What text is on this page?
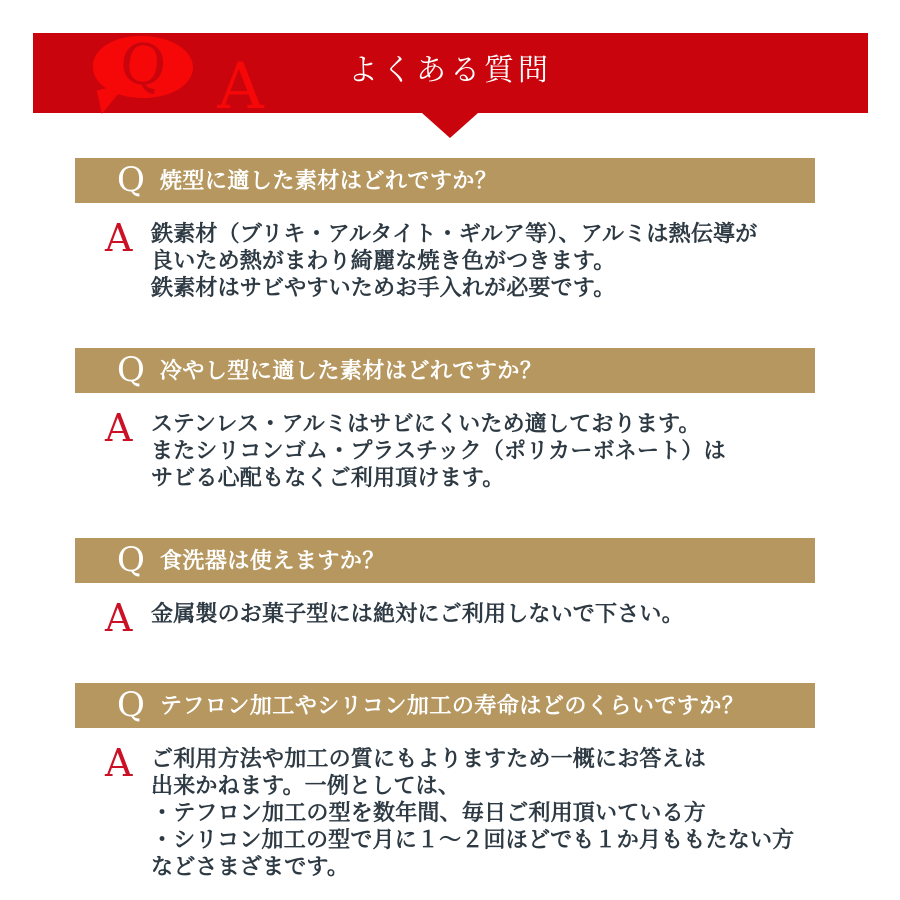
Q A	よくある質問
Q 焼型に適した素材はどれですか？
A 鉄素材（ブリキ・アルタイト・ギルア等）、アルミは熱伝導が
良いため熱がまわり綺麗な焼き色がつきます。
鉄素材はサビやすいためお手入れが必要です。
Q 冷やし型に適した素材はどれですか？
A ステンレス・アルミはサビにくいため適しております。
またシリコンゴム・プラスチック（ポリカーボネート）は
サビる心配もなくご利用頂けます。
Q 食洗器は使えますか？
A 金属製のお菓子型には絶対にご利用しないで下さい。
Q テフロン加工やシリコン加工の寿命はどのくらいですか？
A ご利用方法や加工の質にもよりますため一概にお答えは
出来かねます。一例としては、
・テフロン加工の型を数年間、毎日ご利用頂いている方
・シリコン加工の型で月に１～２回ほどでも１か月ももたない方
などさまざまです。
